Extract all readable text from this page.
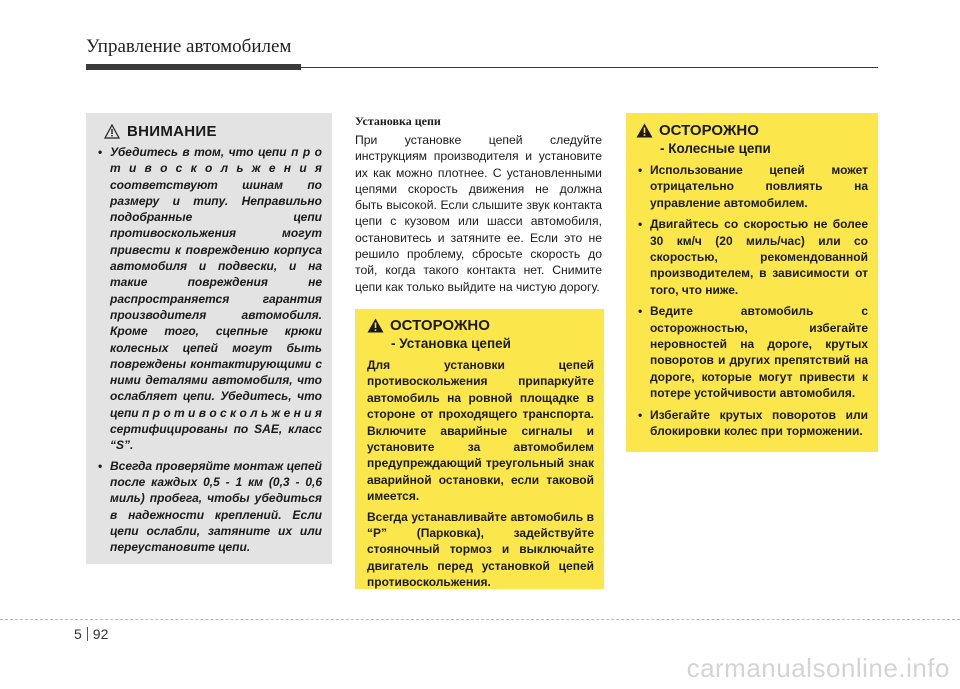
Управление автомобилем
ВНИМАНИЕ
• Убедитесь в том, что цепи п р о т и в о с к о л ь ж е н и я соответствуют шинам по размеру и типу. Неправильно подобранные цепи противоскольжения могут привести к повреждению корпуса автомобиля и подвески, и на такие повреждения не распространяется гарантия производителя автомобиля. Кроме того, сцепные крюки колесных цепей могут быть повреждены контактирующими с ними деталями автомобиля, что ослабляет цепи. Убедитесь, что цепи п р о т и в о с к о л ь ж е н и я сертифицированы по SAE, класс “S”.
• Всегда проверяйте монтаж цепей после каждых 0,5 - 1 км (0,3 - 0,6 миль) пробега, чтобы убедиться в надежности креплений. Если цепи ослабли, затяните их или переустановите цепи.
Установка цепи
При установке цепей следуйте инструкциям производителя и установите их как можно плотнее. С установленными цепями скорость движения не должна быть высокой. Если слышите звук контакта цепи с кузовом или шасси автомобиля, остановитесь и затяните ее. Если это не решило проблему, сбросьте скорость до той, когда такого контакта нет. Снимите цепи как только выйдите на чистую дорогу.
ОСТОРОЖНО
- Установка цепей

Для установки цепей противоскольжения припаркуйте автомобиль на ровной площадке в стороне от проходящего транспорта. Включите аварийные сигналы и установите за автомобилем предупреждающий треугольный знак аварийной остановки, если таковой имеется.

Всегда устанавливайте автомобиль в “P” (Парковка), задействуйте стояночный тормоз и выключайте двигатель перед установкой цепей противоскольжения.

ОСТОРОЖНО
- Колесные цепи
• Использование цепей может отрицательно повлиять на управление автомобилем.
• Двигайтесь со скоростью не более 30 км/ч (20 миль/час) или со скоростью, рекомендованной производителем, в зависимости от того, что ниже.
• Ведите автомобиль с осторожностью, избегайте неровностей на дороге, крутых поворотов и других препятствий на дороге, которые могут привести к потере устойчивости автомобиля.
• Избегайте крутых поворотов или блокировки колес при торможении.
5 92
carmanualsonline.info
